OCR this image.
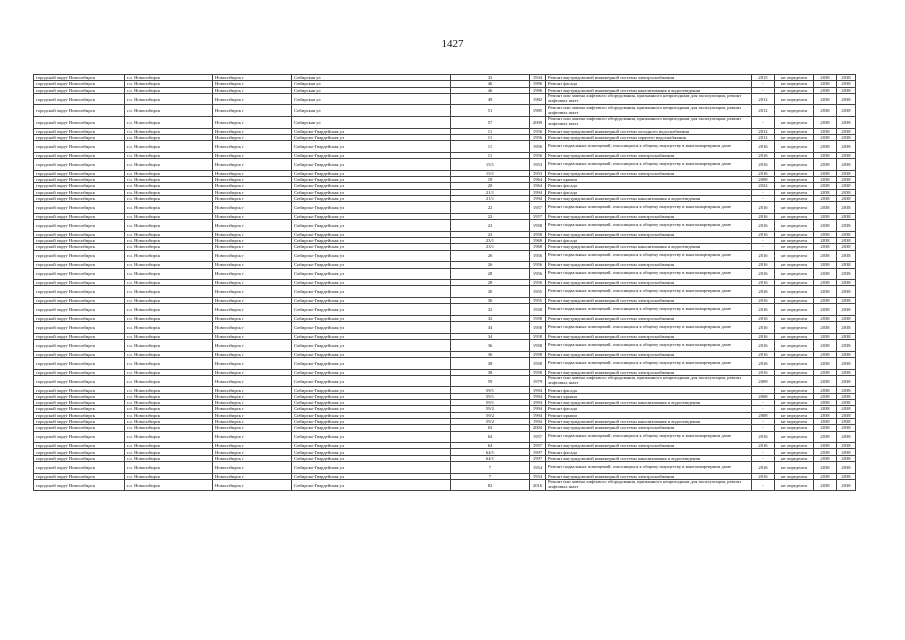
1427
городской округ Новосибирск	г.о. Новосибирск	Новосибирск г	Сибирская ул	33	1934	Ремонт внутридомовой инженерной системы электроснабжения	2015	не определен	2038	2038
городской округ Новосибирск	г.о. Новосибирск	Новосибирск г	Сибирская ул	46	1996	Ремонт фасада	-	не определен	2038	2038
городской округ Новосибирск	г.о. Новосибирск	Новосибирск г	Сибирская ул	46	1996	Ремонт внутридомовой инженерной системы канализования и водоотведения	-	не определен	2038	2038
городской округ Новосибирск	г.о. Новосибирск	Новосибирск г	Сибирская ул	49	1982	Ремонт или замена лифтового оборудования, признанного непригодным для эксплуатации, ремонт лифтовых шахт	2012	не определен	2038	2038
городской округ Новосибирск	г.о. Новосибирск	Новосибирск г	Сибирская ул	51	1985	Ремонт или замена лифтового оборудования, признанного непригодным для эксплуатации, ремонт лифтовых шахт	2012	не определен	2038	2038
городской округ Новосибирск	г.о. Новосибирск	Новосибирск г	Сибирская ул	57	2009	Ремонт или замена лифтового оборудования, признанного непригодным для эксплуатации, ремонт лифтовых шахт	-	не определен	2038	2038
городской округ Новосибирск	г.о. Новосибирск	Новосибирск г	Сибирско-Гвардейская ул	11	1956	Ремонт внутридомовой инженерной системы холодного водоснабжения	2012	не определен	2038	2038
городской округ Новосибирск	г.о. Новосибирск	Новосибирск г	Сибирско-Гвардейская ул	11	1956	Ремонт внутридомовой инженерной системы горячего водоснабжения	2012	не определен	2038	2038
городской округ Новосибирск	г.о. Новосибирск	Новосибирск г	Сибирско-Гвардейская ул	11	1956	Ремонт подвальных помещений, относящихся к общему имуществу в многоквартирном доме	2016	не определен	2038	2038
городской округ Новосибирск	г.о. Новосибирск	Новосибирск г	Сибирско-Гвардейская ул	11	1956	Ремонт внутридомовой инженерной системы электроснабжения	2016	не определен	2038	2038
городской округ Новосибирск	г.о. Новосибирск	Новосибирск г	Сибирско-Гвардейская ул	15/1	1953	Ремонт подвальных помещений, относящихся к общему имуществу в многоквартирном доме	2016	не определен	2038	2038
городской округ Новосибирск	г.о. Новосибирск	Новосибирск г	Сибирско-Гвардейская ул	15/1	1953	Ремонт внутридомовой инженерной системы электроснабжения	2016	не определен	2038	2038
городской округ Новосибирск	г.о. Новосибирск	Новосибирск г	Сибирско-Гвардейская ул	18	1964	Ремонт крыши	2008	не определен	2038	2038
городской округ Новосибирск	г.о. Новосибирск	Новосибирск г	Сибирско-Гвардейская ул	20	1964	Ремонт фасада	2022	не определен	2038	2038
городской округ Новосибирск	г.о. Новосибирск	Новосибирск г	Сибирско-Гвардейская ул	21/1	1994	Ремонт фасада	-	не определен	2038	2038
городской округ Новосибирск	г.о. Новосибирск	Новосибирск г	Сибирско-Гвардейская ул	21/1	1994	Ремонт внутридомовой инженерной системы канализования и водоотведения	-	не определен	2038	2038
городской округ Новосибирск	г.о. Новосибирск	Новосибирск г	Сибирско-Гвардейская ул	22	1957	Ремонт подвальных помещений, относящихся к общему имуществу в многоквартирном доме	2016	не определен	2038	2038
городской округ Новосибирск	г.о. Новосибирск	Новосибирск г	Сибирско-Гвардейская ул	22	1957	Ремонт внутридомовой инженерной системы электроснабжения	2016	не определен	2038	2038
городской округ Новосибирск	г.о. Новосибирск	Новосибирск г	Сибирско-Гвардейская ул	23	1958	Ремонт подвальных помещений, относящихся к общему имуществу в многоквартирном доме	2016	не определен	2038	2038
городской округ Новосибирск	г.о. Новосибирск	Новосибирск г	Сибирско-Гвардейская ул	23	1958	Ремонт внутридомовой инженерной системы электроснабжения	2016	не определен	2038	2038
городской округ Новосибирск	г.о. Новосибирск	Новосибирск г	Сибирско-Гвардейская ул	23/1	1968	Ремонт фасада	-	не определен	2038	2038
городской округ Новосибирск	г.о. Новосибирск	Новосибирск г	Сибирско-Гвардейская ул	23/1	1968	Ремонт внутридомовой инженерной системы канализования и водоотведения	-	не определен	2038	2038
городской округ Новосибирск	г.о. Новосибирск	Новосибирск г	Сибирско-Гвардейская ул	26	1956	Ремонт подвальных помещений, относящихся к общему имуществу в многоквартирном доме	2016	не определен	2038	2038
городской округ Новосибирск	г.о. Новосибирск	Новосибирск г	Сибирско-Гвардейская ул	26	1956	Ремонт внутридомовой инженерной системы электроснабжения	2016	не определен	2038	2038
городской округ Новосибирск	г.о. Новосибирск	Новосибирск г	Сибирско-Гвардейская ул	28	1956	Ремонт подвальных помещений, относящихся к общему имуществу в многоквартирном доме	2016	не определен	2038	2038
городской округ Новосибирск	г.о. Новосибирск	Новосибирск г	Сибирско-Гвардейская ул	28	1956	Ремонт внутридомовой инженерной системы электроснабжения	2016	не определен	2038	2038
городской округ Новосибирск	г.о. Новосибирск	Новосибирск г	Сибирско-Гвардейская ул	30	1955	Ремонт подвальных помещений, относящихся к общему имуществу в многоквартирном доме	2016	не определен	2038	2038
городской округ Новосибирск	г.о. Новосибирск	Новосибирск г	Сибирско-Гвардейская ул	30	1955	Ремонт внутридомовой инженерной системы электроснабжения	2016	не определен	2038	2038
городской округ Новосибирск	г.о. Новосибирск	Новосибирск г	Сибирско-Гвардейская ул	32	1958	Ремонт подвальных помещений, относящихся к общему имуществу в многоквартирном доме	2016	не определен	2038	2038
городской округ Новосибирск	г.о. Новосибирск	Новосибирск г	Сибирско-Гвардейская ул	32	1958	Ремонт внутридомовой инженерной системы электроснабжения	2016	не определен	2038	2038
городской округ Новосибирск	г.о. Новосибирск	Новосибирск г	Сибирско-Гвардейская ул	34	1958	Ремонт подвальных помещений, относящихся к общему имуществу в многоквартирном доме	2016	не определен	2038	2038
городской округ Новосибирск	г.о. Новосибирск	Новосибирск г	Сибирско-Гвардейская ул	34	1958	Ремонт внутридомовой инженерной системы электроснабжения	2016	не определен	2038	2038
городской округ Новосибирск	г.о. Новосибирск	Новосибирск г	Сибирско-Гвардейская ул	36	1958	Ремонт подвальных помещений, относящихся к общему имуществу в многоквартирном доме	2016	не определен	2038	2038
городской округ Новосибирск	г.о. Новосибирск	Новосибирск г	Сибирско-Гвардейская ул	36	1958	Ремонт внутридомовой инженерной системы электроснабжения	2016	не определен	2038	2038
городской округ Новосибирск	г.о. Новосибирск	Новосибирск г	Сибирско-Гвардейская ул	38	1958	Ремонт подвальных помещений, относящихся к общему имуществу в многоквартирном доме	2016	не определен	2038	2038
городской округ Новосибирск	г.о. Новосибирск	Новосибирск г	Сибирско-Гвардейская ул	38	1958	Ремонт внутридомовой инженерной системы электроснабжения	2016	не определен	2038	2038
городской округ Новосибирск	г.о. Новосибирск	Новосибирск г	Сибирско-Гвардейская ул	59	1979	Ремонт или замена лифтового оборудования, признанного непригодным для эксплуатации, ремонт лифтовых шахт	2009	не определен	2038	2038
городской округ Новосибирск	г.о. Новосибирск	Новосибирск г	Сибирско-Гвардейская ул	59/1	1994	Ремонт фасада	-	не определен	2038	2038
городской округ Новосибирск	г.о. Новосибирск	Новосибирск г	Сибирско-Гвардейская ул	59/1	1994	Ремонт крыши	2008	не определен	2038	2038
городской округ Новосибирск	г.о. Новосибирск	Новосибирск г	Сибирско-Гвардейская ул	59/1	1994	Ремонт внутридомовой инженерной системы канализования и водоотведения	-	не определен	2038	2038
городской округ Новосибирск	г.о. Новосибирск	Новосибирск г	Сибирско-Гвардейская ул	59/2	1994	Ремонт фасада	-	не определен	2038	2038
городской округ Новосибирск	г.о. Новосибирск	Новосибирск г	Сибирско-Гвардейская ул	59/2	1994	Ремонт крыши	2008	не определен	2038	2038
городской округ Новосибирск	г.о. Новосибирск	Новосибирск г	Сибирско-Гвардейская ул	59/2	1994	Ремонт внутридомовой инженерной системы канализования и водоотведения	-	не определен	2038	2038
городской округ Новосибирск	г.о. Новосибирск	Новосибирск г	Сибирско-Гвардейская ул	63	2004	Ремонт внутридомовой инженерной системы электроснабжения	-	не определен	2038	2038
городской округ Новосибирск	г.о. Новосибирск	Новосибирск г	Сибирско-Гвардейская ул	64	1957	Ремонт подвальных помещений, относящихся к общему имуществу в многоквартирном доме	2016	не определен	2038	2038
городской округ Новосибирск	г.о. Новосибирск	Новосибирск г	Сибирско-Гвардейская ул	64	1957	Ремонт внутридомовой инженерной системы электроснабжения	2016	не определен	2038	2038
городской округ Новосибирск	г.о. Новосибирск	Новосибирск г	Сибирско-Гвардейская ул	64/1	1997	Ремонт фасада	-	не определен	2038	2038
городской округ Новосибирск	г.о. Новосибирск	Новосибирск г	Сибирско-Гвардейская ул	64/1	1997	Ремонт внутридомовой инженерной системы канализования и водоотведения	-	не определен	2038	2038
городской округ Новосибирск	г.о. Новосибирск	Новосибирск г	Сибирско-Гвардейская ул	7	1954	Ремонт подвальных помещений, относящихся к общему имуществу в многоквартирном доме	2016	не определен	2038	2038
городской округ Новосибирск	г.о. Новосибирск	Новосибирск г	Сибирско-Гвардейская ул	7	1954	Ремонт внутридомовой инженерной системы электроснабжения	2016	не определен	2038	2038
городской округ Новосибирск	г.о. Новосибирск	Новосибирск г	Сибирско-Гвардейская ул	82	2016	Ремонт или замена лифтового оборудования, признанного непригодным для эксплуатации, ремонт лифтовых шахт	-	не определен	2038	2038
